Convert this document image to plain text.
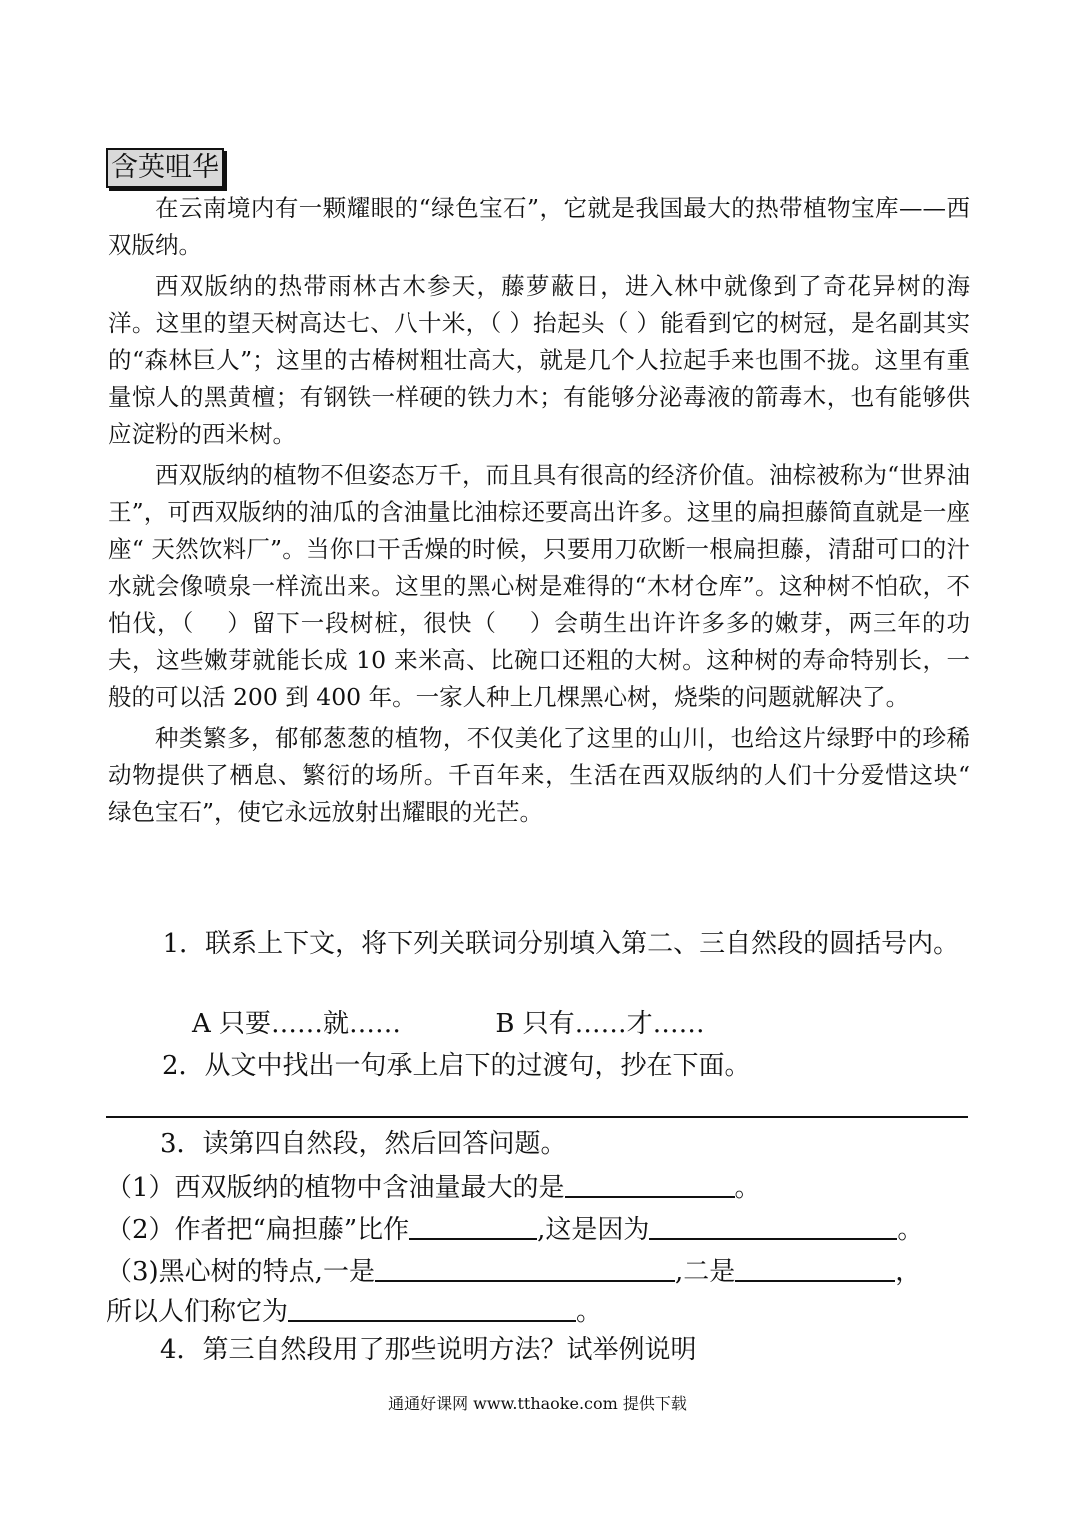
含英咀华

在云南境内有一颗耀眼的“绿色宝石”，它就是我国最大的热带植物宝库——西双版纳。

西双版纳的热带雨林古木参天，藤萝蔽日，进入林中就像到了奇花异树的海洋。这里的望天树高达七、八十米，（ ）抬起头（ ）能看到它的树冠，是名副其实的“森林巨人”；这里的古椿树粗壮高大，就是几个人拉起手来也围不拢。这里有重量惊人的黑黄檀；有钢铁一样硬的铁力木；有能够分泌毒液的箭毒木，也有能够供应淀粉的西米树。

西双版纳的植物不但姿态万千，而且具有很高的经济价值。油棕被称为“世界油王”，可西双版纳的油瓜的含油量比油棕还要高出许多。这里的扁担藤简直就是一座座“ 天然饮料厂”。当你口干舌燥的时候，只要用刀砍断一根扁担藤，清甜可口的汁水就会像喷泉一样流出来。这里的黑心树是难得的“木材仓库”。这种树不怕砍，不怕伐，（　 ）留下一段树桩，很快（　 ）会萌生出许许多多的嫩芽，两三年的功夫，这些嫩芽就能长成 10 来米高、比碗口还粗的大树。这种树的寿命特别长，一般的可以活 200 到 400 年。一家人种上几棵黑心树，烧柴的问题就解决了。

种类繁多，郁郁葱葱的植物，不仅美化了这里的山川，也给这片绿野中的珍稀动物提供了栖息、繁衍的场所。千百年来，生活在西双版纳的人们十分爱惜这块“ 绿色宝石”，使它永远放射出耀眼的光芒。

1．联系上下文，将下列关联词分别填入第二、三自然段的圆括号内。
A 只要……就……	B 只有……才……
2．从文中找出一句承上启下的过渡句，抄在下面。
3．读第四自然段，然后回答问题。
（1）西双版纳的植物中含油量最大的是	。
（2）作者把“扁担藤”比作	,这是因为	。
（3)黑心树的特点,一是	,二是	，
所以人们称它为	。
4．第三自然段用了那些说明方法？试举例说明
通通好课网 www.tthaoke.com 提供下载
